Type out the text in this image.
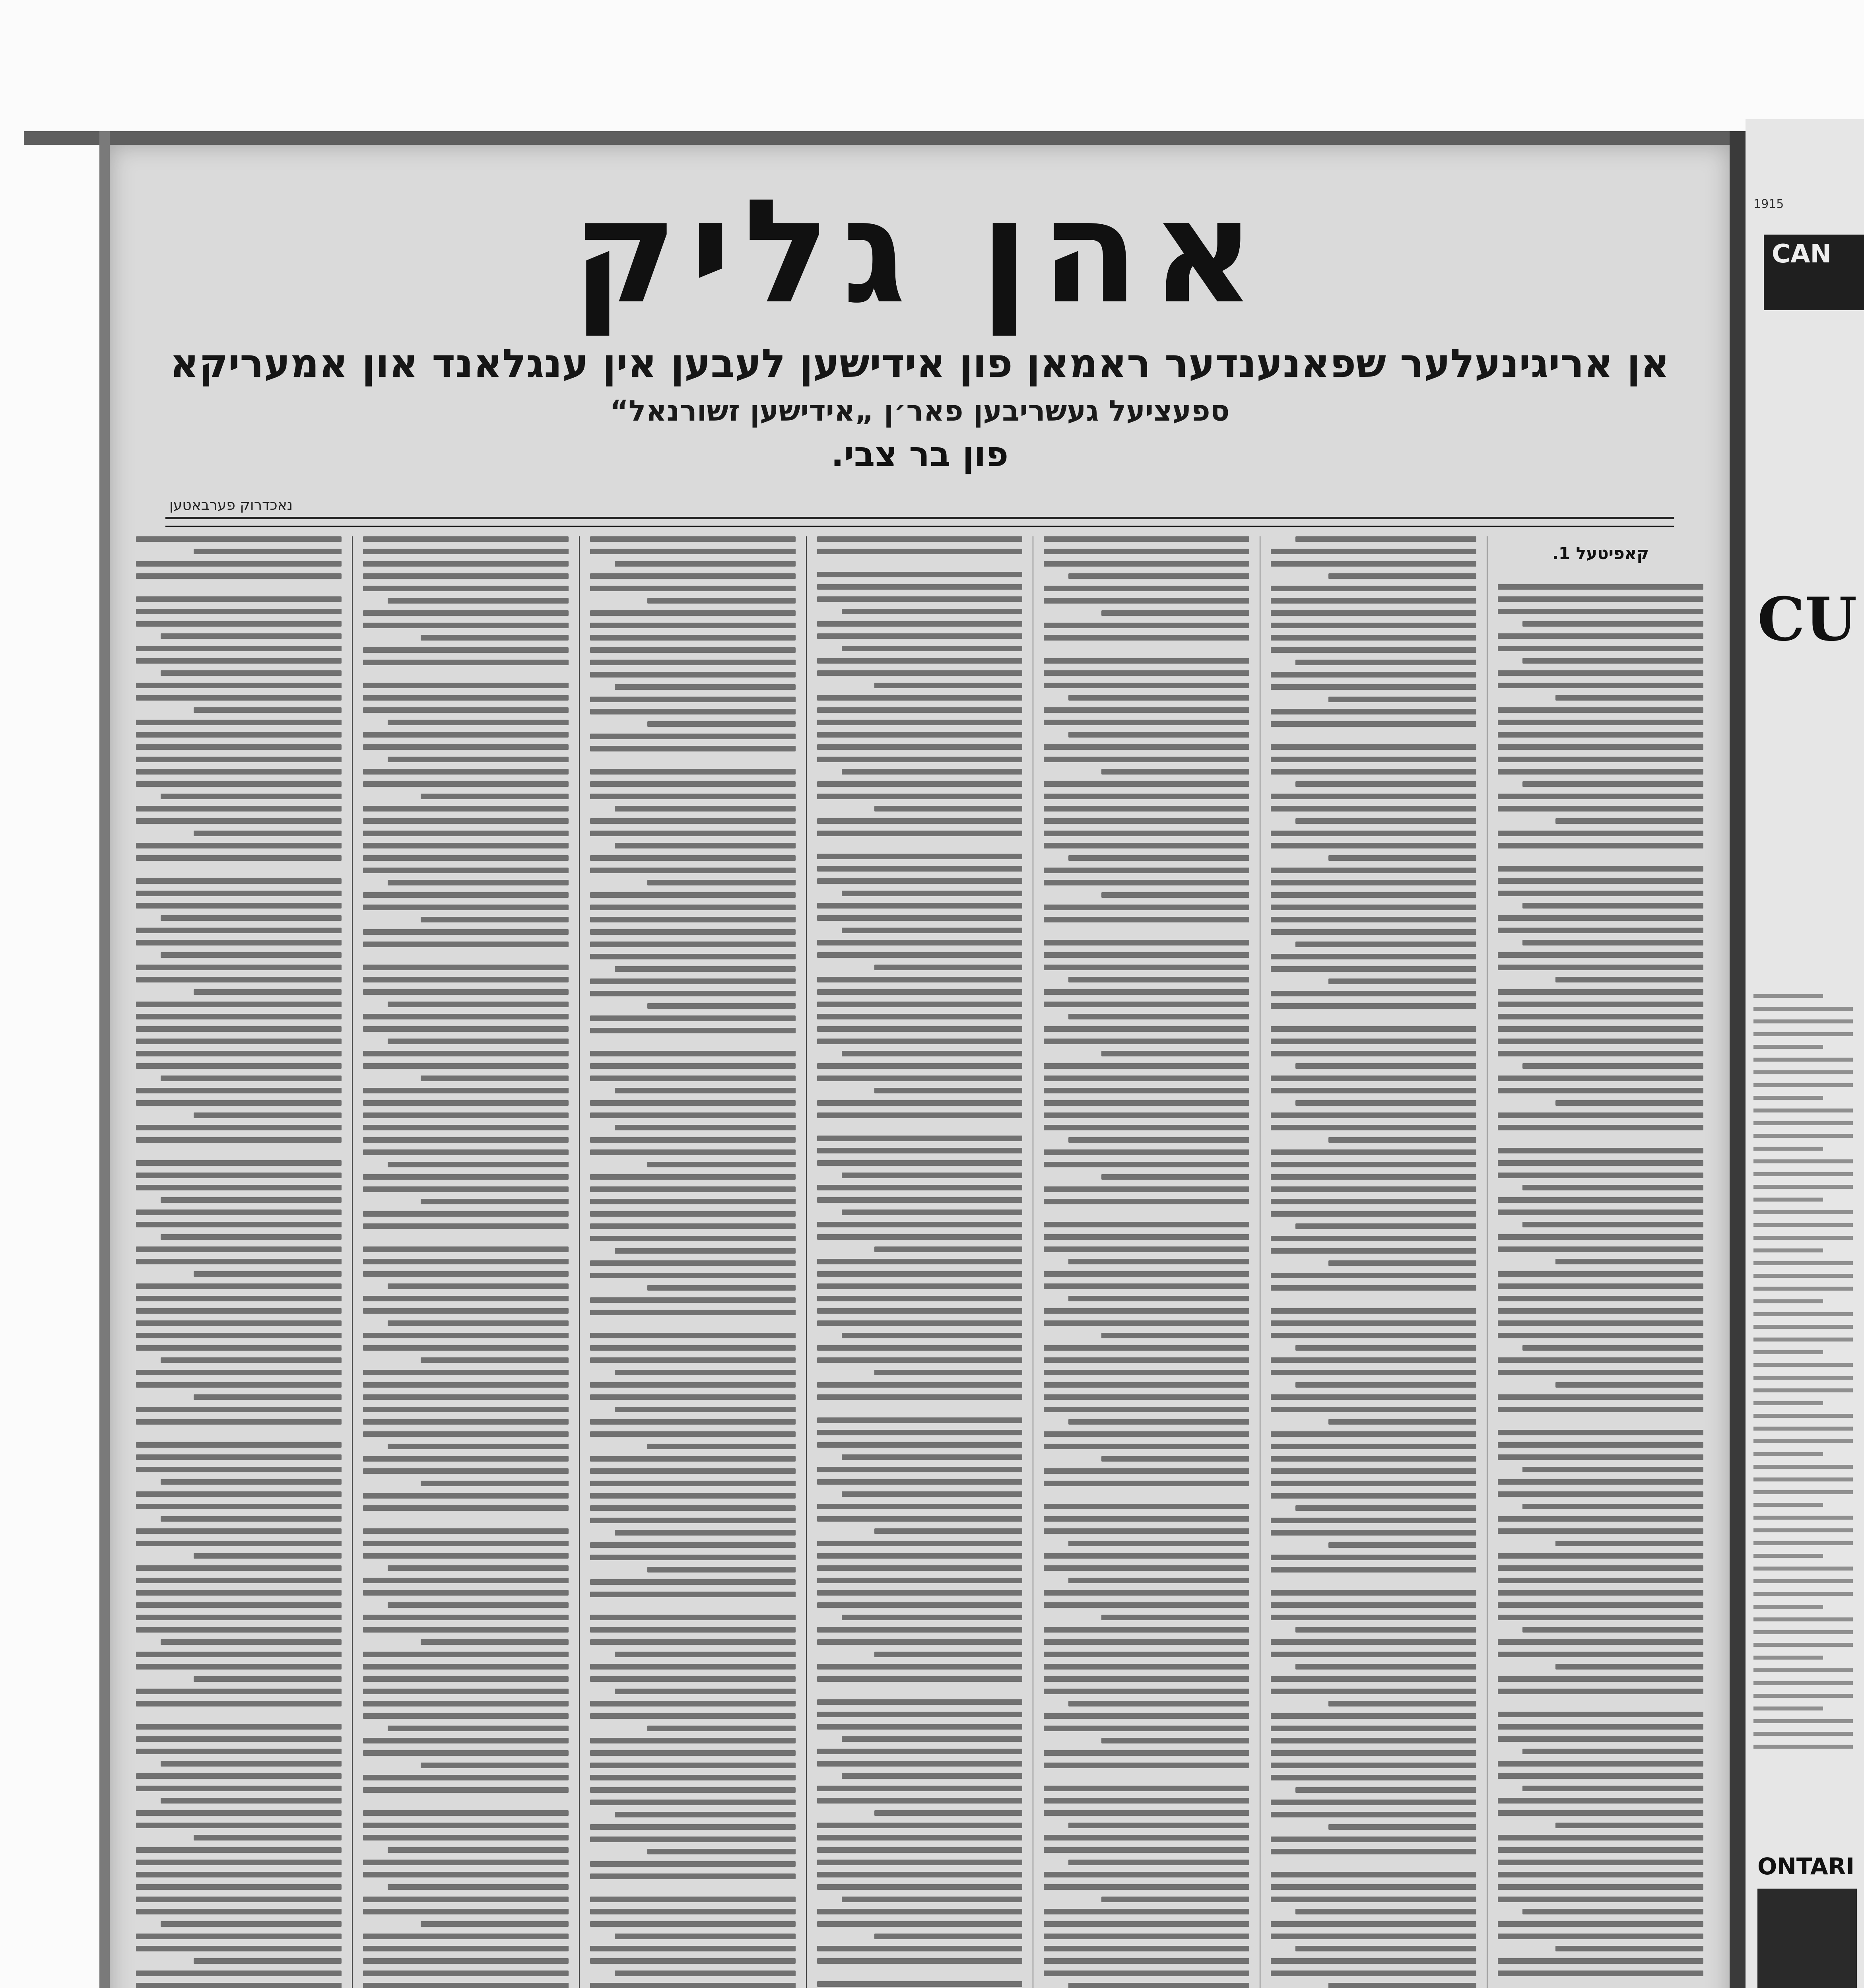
אהן גליק
אן אריגינעלער שפאנענדער ראמאן פון אידישען לעבען אין ענגלאנד און אמעריקא
ספעציעל געשריבען פאר׳ן „אידישען זשורנאל“
פון בר צבי.
נאכדרוק פערבאטען
קאפיטעל 1.
1915
CAN
CU
ONTARI
